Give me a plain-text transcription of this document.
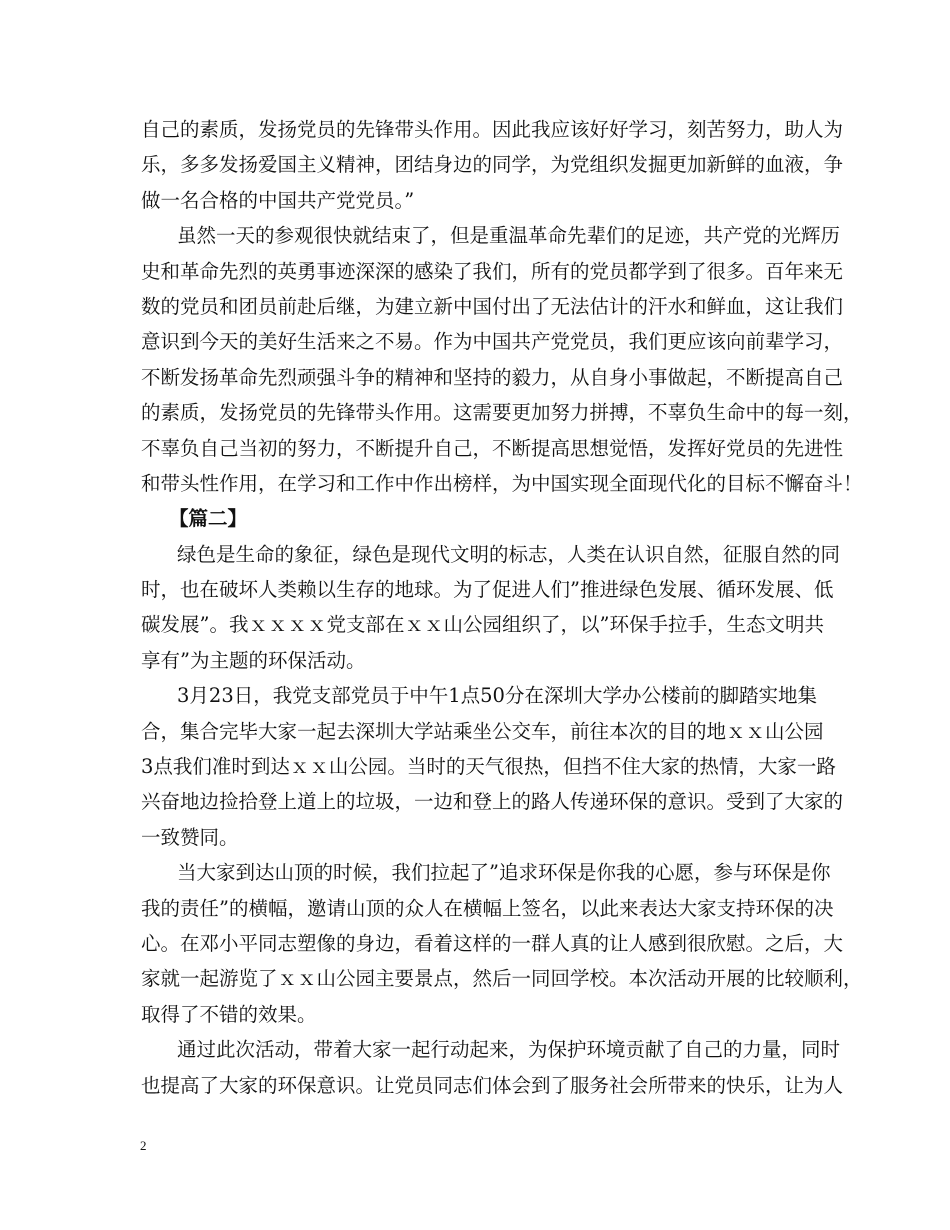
自己的素质，发扬党员的先锋带头作用。因此我应该好好学习，刻苦努力，助人为
乐，多多发扬爱国主义精神，团结身边的同学，为党组织发掘更加新鲜的血液，争
做一名合格的中国共产党党员。”
虽然一天的参观很快就结束了，但是重温革命先辈们的足迹，共产党的光辉历
史和革命先烈的英勇事迹深深的感染了我们，所有的党员都学到了很多。百年来无
数的党员和团员前赴后继，为建立新中国付出了无法估计的汗水和鲜血，这让我们
意识到今天的美好生活来之不易。作为中国共产党党员，我们更应该向前辈学习，
不断发扬革命先烈顽强斗争的精神和坚持的毅力，从自身小事做起，不断提高自己
的素质，发扬党员的先锋带头作用。这需要更加努力拼搏，不辜负生命中的每一刻，
不辜负自己当初的努力，不断提升自己，不断提高思想觉悟，发挥好党员的先进性
和带头性作用，在学习和工作中作出榜样，为中国实现全面现代化的目标不懈奋斗！
【篇二】
绿色是生命的象征，绿色是现代文明的标志，人类在认识自然，征服自然的同
时，也在破坏人类赖以生存的地球。为了促进人们”推进绿色发展、循环发展、低
碳发展”。我ｘｘｘｘ党支部在ｘｘ山公园组织了，以”环保手拉手，生态文明共
享有”为主题的环保活动。
3月23日，我党支部党员于中午1点50分在深圳大学办公楼前的脚踏实地集
合，集合完毕大家一起去深圳大学站乘坐公交车，前往本次的目的地ｘｘ山公园
3点我们准时到达ｘｘ山公园。当时的天气很热，但挡不住大家的热情，大家一路
兴奋地边捡拾登上道上的垃圾，一边和登上的路人传递环保的意识。受到了大家的
一致赞同。
当大家到达山顶的时候，我们拉起了”追求环保是你我的心愿，参与环保是你
我的责任”的横幅，邀请山顶的众人在横幅上签名，以此来表达大家支持环保的决
心。在邓小平同志塑像的身边，看着这样的一群人真的让人感到很欣慰。之后，大
家就一起游览了ｘｘ山公园主要景点，然后一同回学校。本次活动开展的比较顺利，
取得了不错的效果。
通过此次活动，带着大家一起行动起来，为保护环境贡献了自己的力量，同时
也提高了大家的环保意识。让党员同志们体会到了服务社会所带来的快乐，让为人
2
